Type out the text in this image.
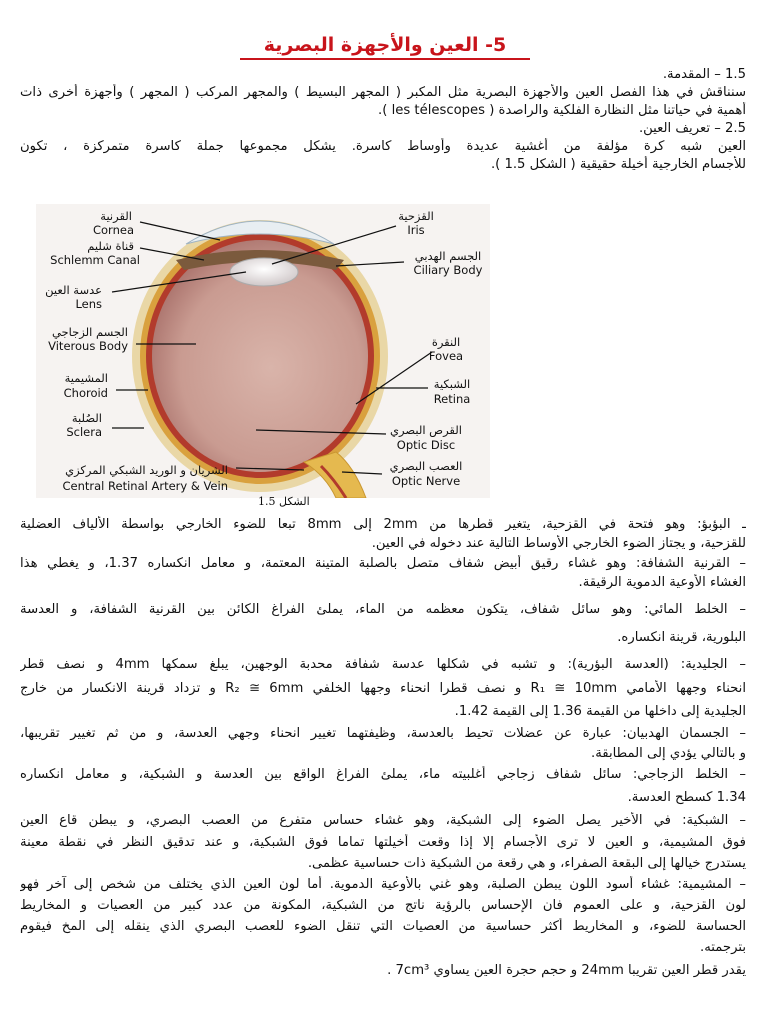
5- العين والأجهزة البصرية
1.5 – المقدمة.
سنناقش في هذا الفصل العين والأجهزة البصرية مثل المكبر ( المجهر البسيط ) والمجهر المركب ( المجهر ) وأجهزة أخرى ذات
أهمية في حياتنا مثل النظارة الفلكية والراصدة ( les télescopes ).
2.5 – تعريف العين.
العين شبه كرة مؤلفة من أغشية عديدة وأوساط كاسرة. يشكل مجموعها جملة كاسرة متمركزة ، تكون
للأجسام الخارجية أخيلة حقيقية ( الشكل 1.5 ).
القرنية
Cornea
قناة شليم
Schlemm Canal
عدسة العين
Lens
الجسم الزجاجي
Viterous Body
المشيمية
Choroid
الصُلبة
Sclera
الشريان و الوريد الشبكي المركزي
Central Retinal Artery & Vein
القزحية
Iris
الجسم الهدبي
Ciliary Body
النقرة
Fovea
الشبكية
Retina
القرص البصري
Optic Disc
العصب البصري
Optic Nerve
الشكل 1.5
ـ البؤبؤ: وهو فتحة في القزحية، يتغير قطرها من 2mm إلى 8mm تبعا للضوء الخارجي بواسطة الألياف العضلية
للقزحية، و يجتاز الضوء الخارجي الأوساط التالية عند دخوله في العين.
– القرنية الشفافة: وهو غشاء رقيق أبيض شفاف متصل بالصلبة المتينة المعتمة، و معامل انكساره 1.37، و يغطي هذا
الغشاء الأوعية الدموية الرقيقة.
– الخلط المائي: وهو سائل شفاف، يتكون معظمه من الماء، يملئ الفراغ الكائن بين القرنية الشفافة، و العدسة
البلورية، قرينة انكساره.
– الجليدية: (العدسة البؤرية): و تشبه في شكلها عدسة شفافة محدبة الوجهين، يبلغ سمكها 4mm و نصف قطر
انحناء وجهها الأمامي R₁ ≅ 10mm و نصف قطرا انحناء وجهها الخلفي R₂ ≅ 6mm و تزداد قرينة الانكسار من خارج
الجليدية إلى داخلها من القيمة 1.36 إلى القيمة 1.42.
– الجسمان الهدبيان: عبارة عن عضلات تحيط بالعدسة، وظيفتهما تغيير انحناء وجهي العدسة، و من ثم تغيير تقريبها،
و بالتالي يؤدي إلى المطابقة.
– الخلط الزجاجي: سائل شفاف زجاجي أغلبيته ماء، يملئ الفراغ الواقع بين العدسة و الشبكية، و معامل انكساره
1.34 كسطح العدسة.
– الشبكية: في الأخير يصل الضوء إلى الشبكية، وهو غشاء حساس متفرع من العصب البصري، و يبطن قاع العين
فوق المشيمية، و العين لا ترى الأجسام إلا إذا وقعت أخيلتها تماما فوق الشبكية، و عند تدقيق النظر في نقطة معينة
يستدرج خيالها إلى البقعة الصفراء، و هي رقعة من الشبكية ذات حساسية عظمى.
– المشيمية: غشاء أسود اللون يبطن الصلبة، وهو غني بالأوعية الدموية. أما لون العين الذي يختلف من شخص إلى آخر فهو
لون القزحية، و على العموم فان الإحساس بالرؤية ناتج من الشبكية، المكونة من عدد كبير من العصيات و المخاريط
الحساسة للضوء، و المخاريط أكثر حساسية من العصيات التي تنقل الضوء للعصب البصري الذي ينقله إلى المخ فيقوم
بترجمته.
يقدر قطر العين تقريبا 24mm و حجم حجرة العين يساوي 7cm³ .
